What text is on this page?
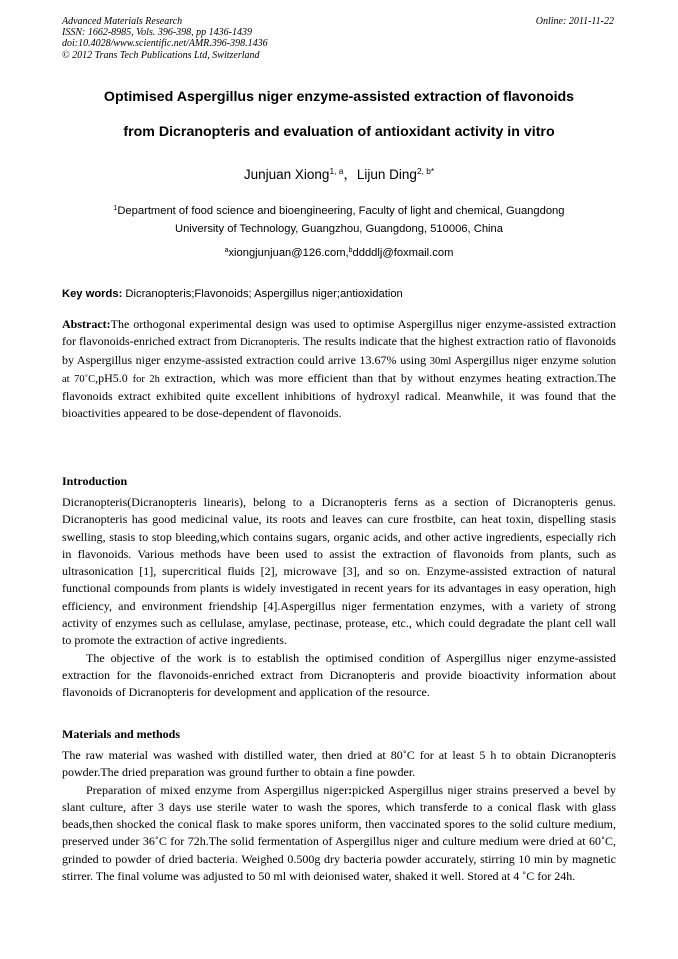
Advanced Materials Research
ISSN: 1662-8985, Vols. 396-398, pp 1436-1439
doi:10.4028/www.scientific.net/AMR.396-398.1436
© 2012 Trans Tech Publications Ltd, Switzerland
Online: 2011-11-22
Optimised Aspergillus niger enzyme-assisted extraction of flavonoids
from Dicranopteris and evaluation of antioxidant activity in vitro
Junjuan Xiong$^{1, a}$，Lijun Ding$^{2, b*}$
$^1$Department of food science and bioengineering, Faculty of light and chemical, Guangdong
University of Technology, Guangzhou, Guangdong, 510006, China
$^a$xiongjunjuan@126.com,$^b$ddddlj@foxmail.com
Key words: Dicranopteris;Flavonoids; Aspergillus niger;antioxidation

Abstract:The orthogonal experimental design was used to optimise Aspergillus niger enzyme-assisted extraction for flavonoids-enriched extract from Dicranopteris. The results indicate that the highest extraction ratio of flavonoids by Aspergillus niger enzyme-assisted extraction could arrive 13.67% using 30ml Aspergillus niger enzyme solution at 70˚C,pH5.0 for 2h extraction, which was more efficient than that by without enzymes heating extraction.The flavonoids extract exhibited quite excellent inhibitions of hydroxyl radical. Meanwhile, it was found that the bioactivities appeared to be dose-dependent of flavonoids.

Introduction

Dicranopteris(Dicranopteris linearis), belong to a Dicranopteris ferns as a section of Dicranopteris genus. Dicranopteris has good medicinal value, its roots and leaves can cure frostbite, can heat toxin, dispelling stasis swelling, stasis to stop bleeding,which contains sugars, organic acids, and other active ingredients, especially rich in flavonoids. Various methods have been used to assist the extraction of flavonoids from plants, such as ultrasonication [1], supercritical fluids [2], microwave [3], and so on. Enzyme-assisted extraction of natural functional compounds from plants is widely investigated in recent years for its advantages in easy operation, high efficiency, and environment friendship [4].Aspergillus niger fermentation enzymes, with a variety of strong activity of enzymes such as cellulase, amylase, pectinase, protease, etc., which could degradate the plant cell wall to promote the extraction of active ingredients.

The objective of the work is to establish the optimised condition of Aspergillus niger enzyme-assisted extraction for the flavonoids-enriched extract from Dicranopteris and provide bioactivity information about flavonoids of Dicranopteris for development and application of the resource.

Materials and methods

The raw material was washed with distilled water, then dried at 80˚C for at least 5 h to obtain Dicranopteris powder.The dried preparation was ground further to obtain a fine powder.

Preparation of mixed enzyme from Aspergillus niger:picked Aspergillus niger strains preserved a bevel by slant culture, after 3 days use sterile water to wash the spores, which transferde to a conical flask with glass beads,then shocked the conical flask to make spores uniform, then vaccinated spores to the solid culture medium, preserved under 36˚C for 72h.The solid fermentation of Aspergillus niger and culture medium were dried at 60˚C, grinded to powder of dried bacteria. Weighed 0.500g dry bacteria powder accurately, stirring 10 min by magnetic stirrer. The final volume was adjusted to 50 ml with deionised water, shaked it well. Stored at 4 ˚C for 24h.
